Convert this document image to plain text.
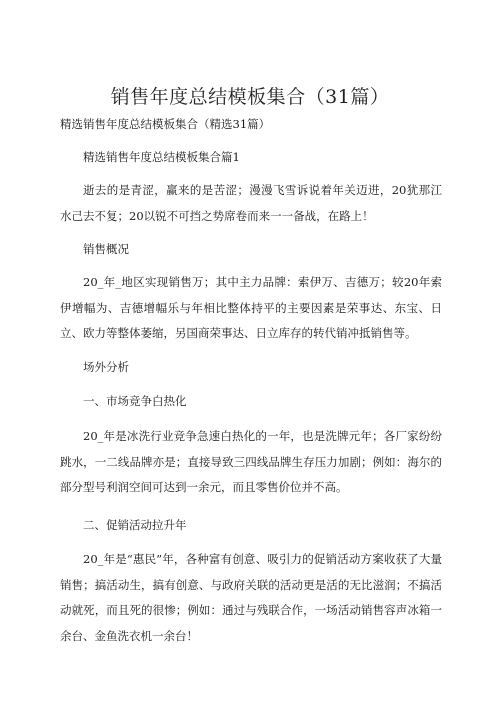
销售年度总结模板集合（31篇）
精选销售年度总结模板集合（精选31篇）

精选销售年度总结模板集合篇1

逝去的是青涩，赢来的是苦涩；漫漫飞雪诉说着年关迈进，20犹那江水己去不复；20以锐不可挡之势席卷而来一一备战，在路上！

销售概况

20_年_地区实现销售万；其中主力品牌：索伊万、吉德万；较20年索伊增幅为、吉德增幅乐与年相比整体持平的主要因素是荣事达、东宝、日立、欧力等整体萎缩，另国商荣事达、日立库存的转代销冲抵销售等。

场外分析

一、市场竞争白热化

20_年是冰洗行业竞争急速白热化的一年，也是洗牌元年；各厂家纷纷跳水，一二线品牌亦是；直接导致三四线品牌生存压力加剧；例如：海尔的部分型号利润空间可达到一余元，而且零售价位并不高。

二、促销活动拉升年

20_年是“惠民”年，各种富有创意、吸引力的促销活动方案收获了大量销售；搞活动生，搞有创意、与政府关联的活动更是活的无比滋润；不搞活动就死，而且死的很惨；例如：通过与残联合作，一场活动销售容声冰箱一余台、金鱼洗衣机一余台！
